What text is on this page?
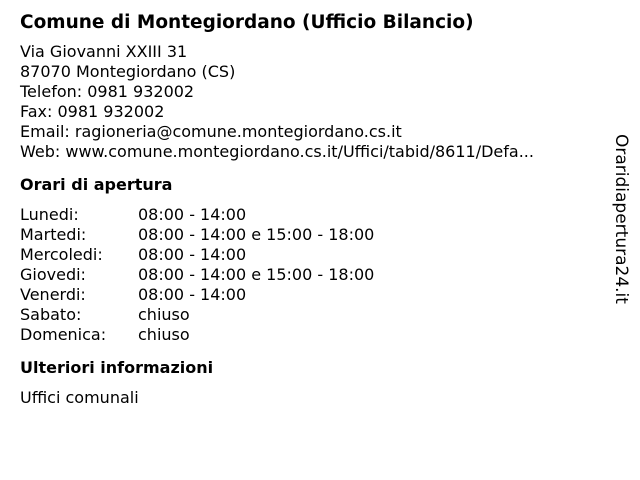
Comune di Montegiordano (Ufficio Bilancio)
Via Giovanni XXIII 31
87070 Montegiordano (CS)
Telefon: 0981 932002
Fax: 0981 932002
Email: ragioneria@comune.montegiordano.cs.it
Web: www.comune.montegiordano.cs.it/Uffici/tabid/8611/Defa...
Orari di apertura
Lunedi:	08:00 - 14:00
Martedi:	08:00 - 14:00 e 15:00 - 18:00
Mercoledi:	08:00 - 14:00
Giovedi:	08:00 - 14:00 e 15:00 - 18:00
Venerdi:	08:00 - 14:00
Sabato:	chiuso
Domenica:	chiuso
Ulteriori informazioni
Uffici comunali
Oraridiapertura24.it
